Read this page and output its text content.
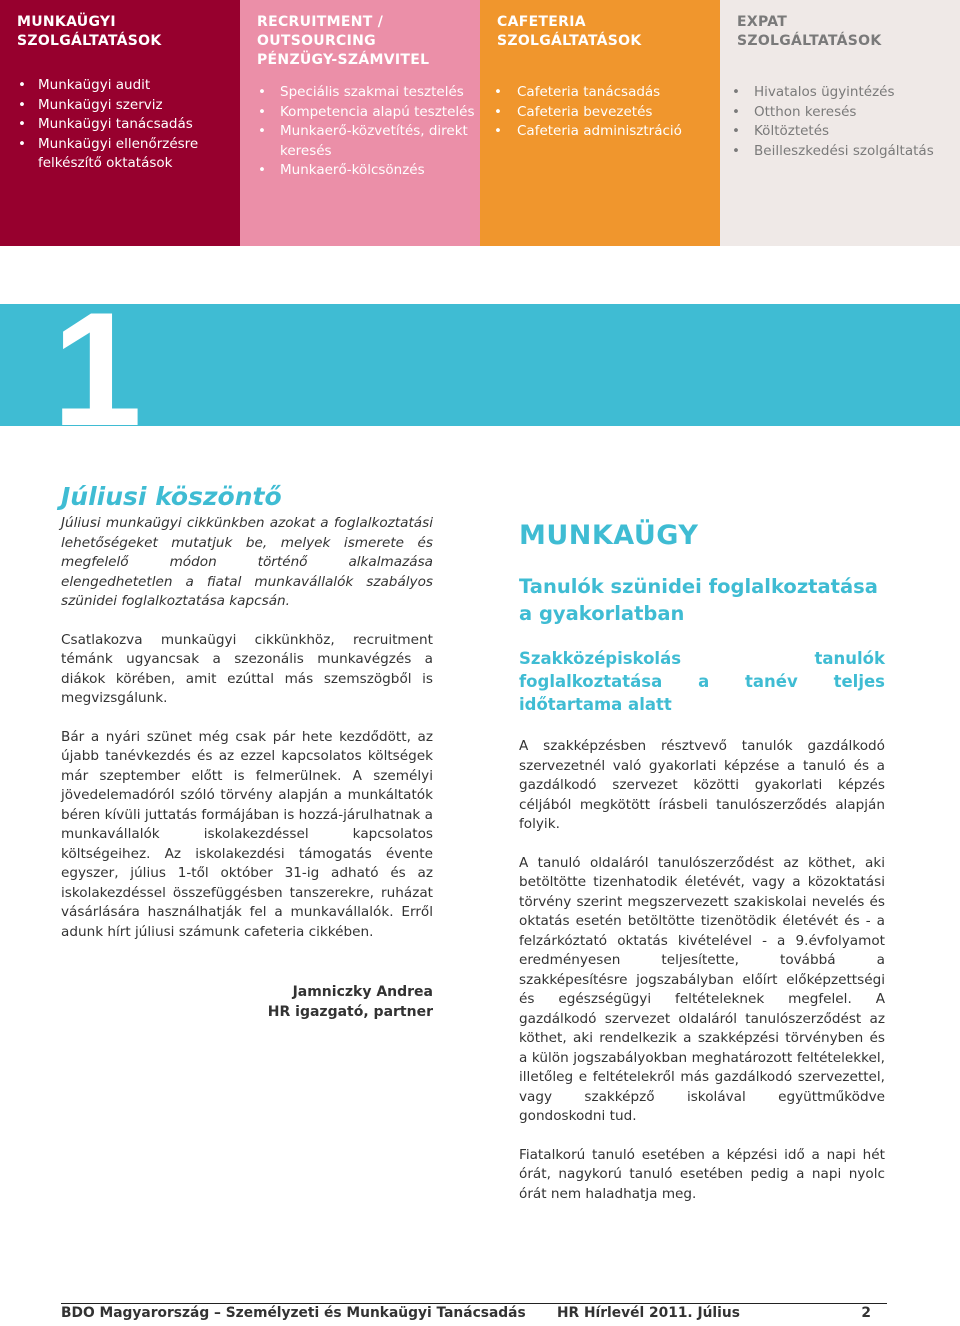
MUNKAÜGYI
SZOLGÁLTATÁSOK
• Munkaügyi audit
• Munkaügyi szerviz
• Munkaügyi tanácsadás
• Munkaügyi ellenőrzésre felkészítő oktatások
RECRUITMENT /
OUTSOURCING
PÉNZÜGY-SZÁMVITEL
• Speciális szakmai tesztelés
• Kompetencia alapú tesztelés
• Munkaerő-közvetítés, direkt keresés
• Munkaerő-kölcsönzés
CAFETERIA
SZOLGÁLTATÁSOK
• Cafeteria tanácsadás
• Cafeteria bevezetés
• Cafeteria adminisztráció
EXPAT
SZOLGÁLTATÁSOK
• Hivatalos ügyintézés
• Otthon keresés
• Költöztetés
• Beilleszkedési szolgáltatás
1
Júliusi köszöntő

Júliusi munkaügyi cikkünkben azokat a foglalkoztatási lehetőségeket mutatjuk be, melyek ismerete és megfelelő módon történő alkalmazása elengedhetetlen a fiatal munkavállalók szabályos szünidei foglalkoztatása kapcsán.

Csatlakozva munkaügyi cikkünkhöz, recruitment témánk ugyancsak a szezonális munkavégzés a diákok körében, amit ezúttal más szemszögből is megvizsgálunk.

Bár a nyári szünet még csak pár hete kezdődött, az újabb tanévkezdés és az ezzel kapcsolatos költségek már szeptember előtt is felmerülnek. A személyi jövedelemadóról szóló törvény alapján a munkáltatók béren kívüli juttatás formájában is hozzá-járulhatnak a munkavállalók iskolakezdéssel kapcsolatos költségeihez. Az iskolakezdési támogatás évente egyszer, július 1-től október 31-ig adható és az iskolakezdéssel összefüggésben tanszerekre, ruházat vásárlására használhatják fel a munkavállalók. Erről adunk hírt júliusi számunk cafeteria cikkében.

Jamniczky Andrea
HR igazgató, partner
MUNKAÜGY
Tanulók szünidei foglalkoztatása a gyakorlatban
Szakközépiskolás tanulók foglalkoztatása a tanév teljes időtartama alatt

A szakképzésben résztvevő tanulók gazdálkodó szervezetnél való gyakorlati képzése a tanuló és a gazdálkodó szervezet közötti gyakorlati képzés céljából megkötött írásbeli tanulószerződés alapján folyik.

A tanuló oldaláról tanulószerződést az köthet, aki betöltötte tizenhatodik életévét, vagy a közoktatási törvény szerint megszervezett szakiskolai nevelés és oktatás esetén betöltötte tizenötödik életévét és - a felzárkóztató oktatás kivételével - a 9.évfolyamot eredményesen teljesítette, továbbá a szakképesítésre jogszabályban előírt előképzettségi és egészségügyi feltételeknek megfelel. A gazdálkodó szervezet oldaláról tanulószerződést az köthet, aki rendelkezik a szakképzési törvényben és a külön jogszabályokban meghatározott feltételekkel, illetőleg e feltételekről más gazdálkodó szervezettel, vagy szakképző iskolával együttműködve gondoskodni tud.

Fiatalkorú tanuló esetében a képzési idő a napi hét órát, nagykorú tanuló esetében pedig a napi nyolc órát nem haladhatja meg.

BDO Magyarország – Személyzeti és Munkaügyi Tanácsadás HR Hírlevél 2011. Július	2
